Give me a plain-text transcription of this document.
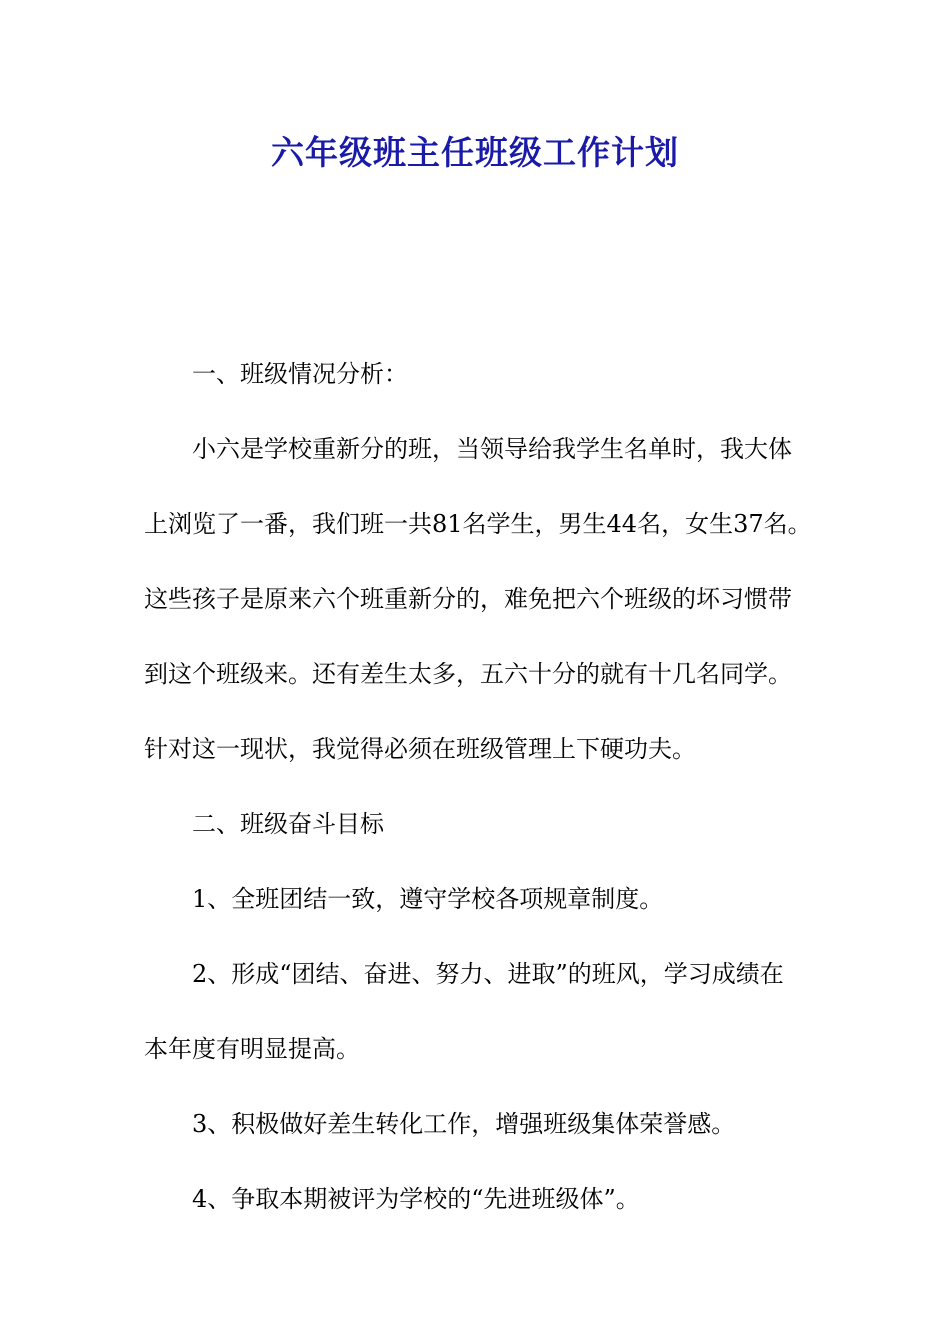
六年级班主任班级工作计划
一、班级情况分析：
小六是学校重新分的班，当领导给我学生名单时，我大体
上浏览了一番，我们班一共81名学生，男生44名，女生37名。
这些孩子是原来六个班重新分的，难免把六个班级的坏习惯带
到这个班级来。还有差生太多，五六十分的就有十几名同学。
针对这一现状，我觉得必须在班级管理上下硬功夫。
二、班级奋斗目标
1、全班团结一致，遵守学校各项规章制度。
2、形成“团结、奋进、努力、进取”的班风，学习成绩在
本年度有明显提高。
3、积极做好差生转化工作，增强班级集体荣誉感。
4、争取本期被评为学校的“先进班级体”。
